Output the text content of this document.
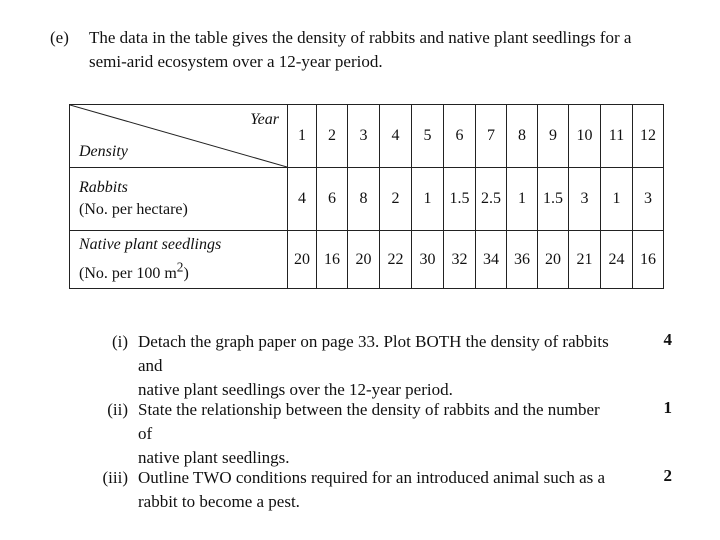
(e) The data in the table gives the density of rabbits and native plant seedlings for a
semi-arid ecosystem over a 12-year period.
Year
Density	1	2	3	4	5	6	7	8	9	10	11	12
Rabbits
(No. per hectare)	4	6	8	2	1	1.5	2.5	1	1.5	3	1	3
Native plant seedlings
(No. per 100 $m^2$)	20	16	20	22	30	32	34	36	20	21	24	16
(i) Detach the graph paper on page 33. Plot BOTH the density of rabbits and
native plant seedlings over the 12-year period.
4
(ii) State the relationship between the density of rabbits and the number of
native plant seedlings.
1
(iii) Outline TWO conditions required for an introduced animal such as a
rabbit to become a pest.
2
